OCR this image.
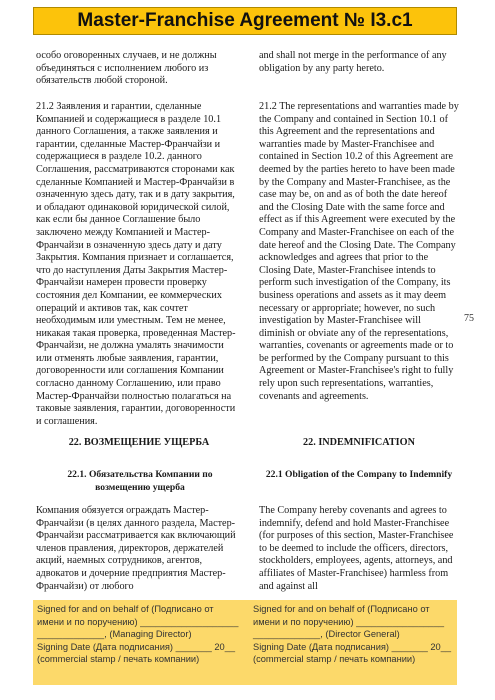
Master-Franchise Agreement № I3.c1

особо оговоренных случаев, и не должны объединяться с исполнением любого из обязательств любой стороной.

and shall not merge in the performance of any obligation by any party hereto.

21.2 Заявления и гарантии, сделанные Компанией и содержащиеся в разделе 10.1 данного Соглашения, а также заявления и гарантии, сделанные Мастер-Франчайзи и содержащиеся в разделе 10.2. данного Соглашения, рассматриваются сторонами как сделанные Компанией и Мастер-Франчайзи в означенную здесь дату, так и в дату закрытия, и обладают одинаковой юридической силой, как если бы данное Соглашение было заключено между Компанией и Мастер-Франчайзи в означенную здесь дату и дату Закрытия. Компания признает и соглашается, что до наступления Даты Закрытия Мастер-Франчайзи намерен провести проверку состояния дел Компании, ее коммерческих операций и активов так, как сочтет необходимым или уместным. Тем не менее, никакая такая проверка, проведенная Мастер-Франчайзи, не должна умалять значимости или отменять любые заявления, гарантии, договоренности или соглашения Компании согласно данному Соглашению, или право Мастер-Франчайзи полностью полагаться на таковые заявления, гарантии, договоренности и соглашения.

21.2 The representations and warranties made by the Company and contained in Section 10.1 of this Agreement and the representations and warranties made by Master-Franchisee and contained in Section 10.2 of this Agreement are deemed by the parties hereto to have been made by the Company and Master-Franchisee, as the case may be, on and as of both the date hereof and the Closing Date with the same force and effect as if this Agreement were executed by the Company and Master-Franchisee on each of the date hereof and the Closing Date. The Company acknowledges and agrees that prior to the Closing Date, Master-Franchisee intends to perform such investigation of the Company, its business operations and assets as it may deem necessary or appropriate; however, no such investigation by Master-Franchisee will diminish or obviate any of the representations, warranties, covenants or agreements made or to be performed by the Company pursuant to this Agreement or Master-Franchisee's right to fully rely upon such representations, warranties, covenants and agreements.

75
22. ВОЗМЕЩЕНИЕ УЩЕРБА	22. INDEMNIFICATION
22.1. Обязательства Компании по возмещению ущерба
22.1 Obligation of the Company to Indemnify

Компания обязуется ограждать Мастер-Франчайзи (в целях данного раздела, Мастер-Франчайзи рассматривается как включающий членов правления, директоров, держателей акций, наемных сотрудников, агентов, адвокатов и дочерние предприятия Мастер-Франчайзи) от любого

The Company hereby covenants and agrees to indemnify, defend and hold Master-Franchisee (for purposes of this section, Master-Franchisee to be deemed to include the officers, directors, stockholders, employees, agents, attorneys, and affiliates of Master-Franchisee) harmless from and against all

Signed for and on behalf of (Подписано от
имени и по поручению) ___________________
_____________, (Managing Director)
Signing Date (Дата подписания) _______ 20__
(commercial stamp / печать компании)
Signed for and on behalf of (Подписано от
имени и по поручению) _________________
_____________, (Director General)
Signing Date (Дата подписания) _______ 20__
(commercial stamp / печать компании)
